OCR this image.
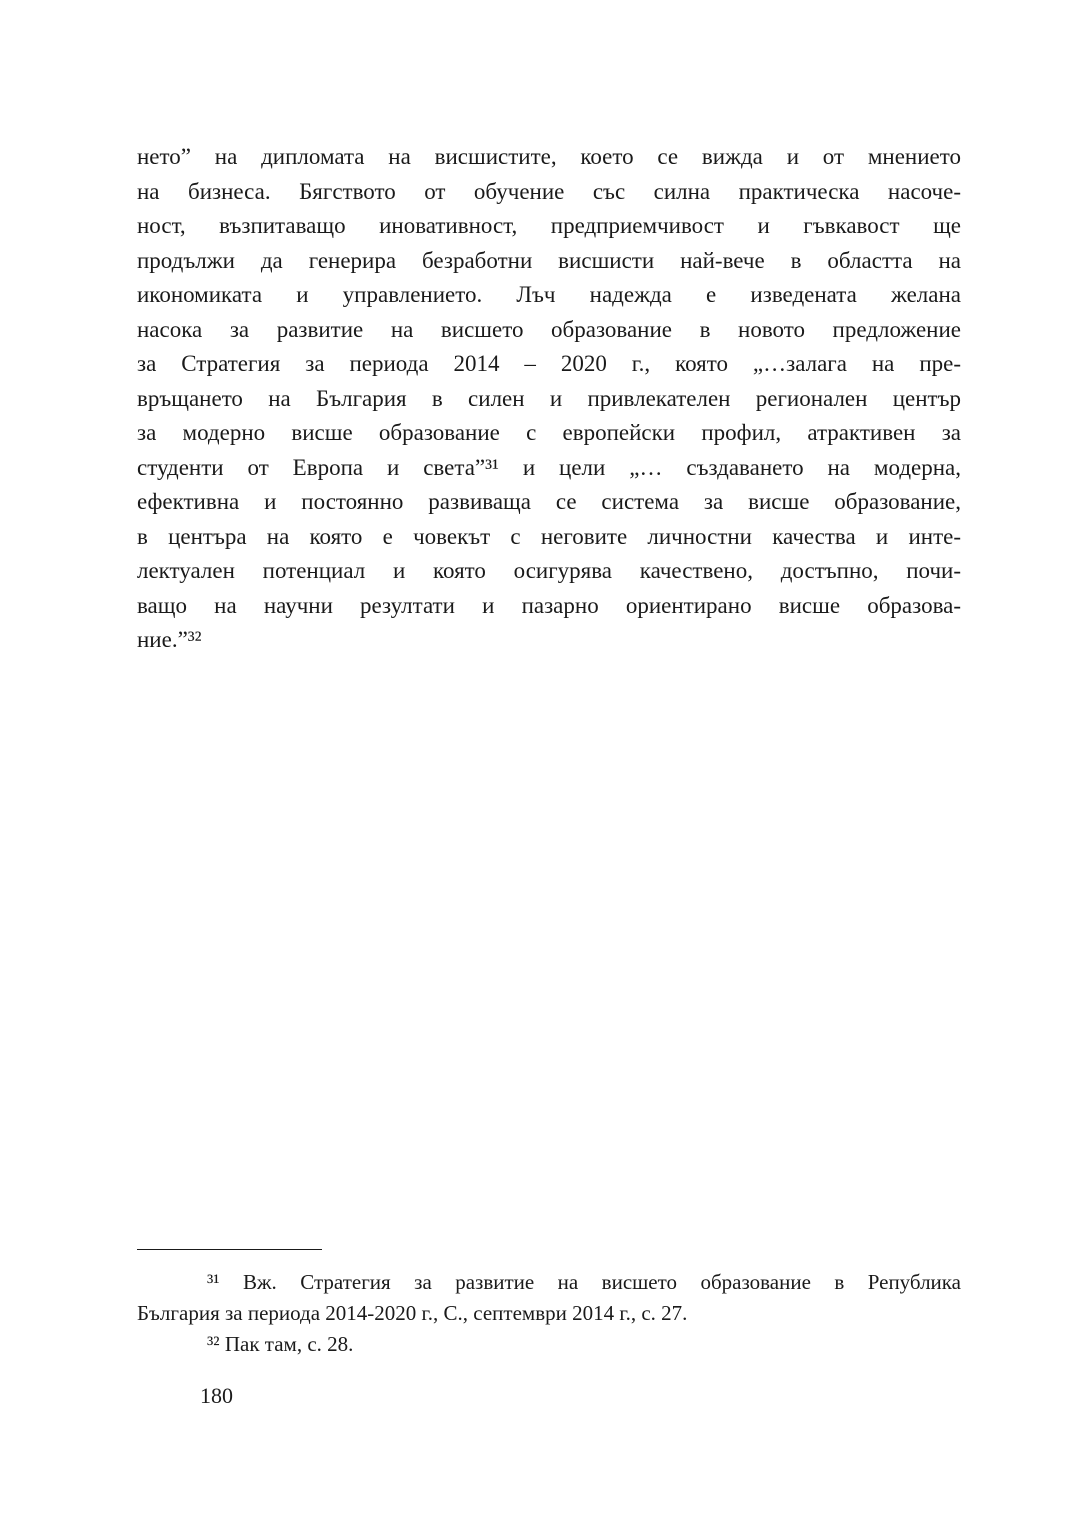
нето” на дипломата на висшистите, което се вижда и от мнението
на бизнеса. Бягството от обучение със силна практическа насоче-
ност, възпитаващо иновативност, предприемчивост и гъвкавост ще
продължи да генерира безработни висшисти най-вече в областта на
икономиката и управлението. Лъч надежда е изведената желана
насока за развитие на висшето образование в новото предложение
за Стратегия за периода 2014 – 2020 г., която „…залага на пре-
връщането на България в силен и привлекателен регионален център
за модерно висше образование с европейски профил, атрактивен за
студенти от Европа и света”³¹ и цели „… създаването на модерна,
ефективна и постоянно развиваща се система за висше образование,
в центъра на която е човекът с неговите личностни качества и инте-
лектуален потенциал и която осигурява качествено, достъпно, почи-
ващо на научни резултати и пазарно ориентирано висше образова-
ние.”³²
³¹ Вж. Стратегия за развитие на висшето образование в Република
България за периода 2014-2020 г., С., септември 2014 г., с. 27.
³² Пак там, с. 28.
180
